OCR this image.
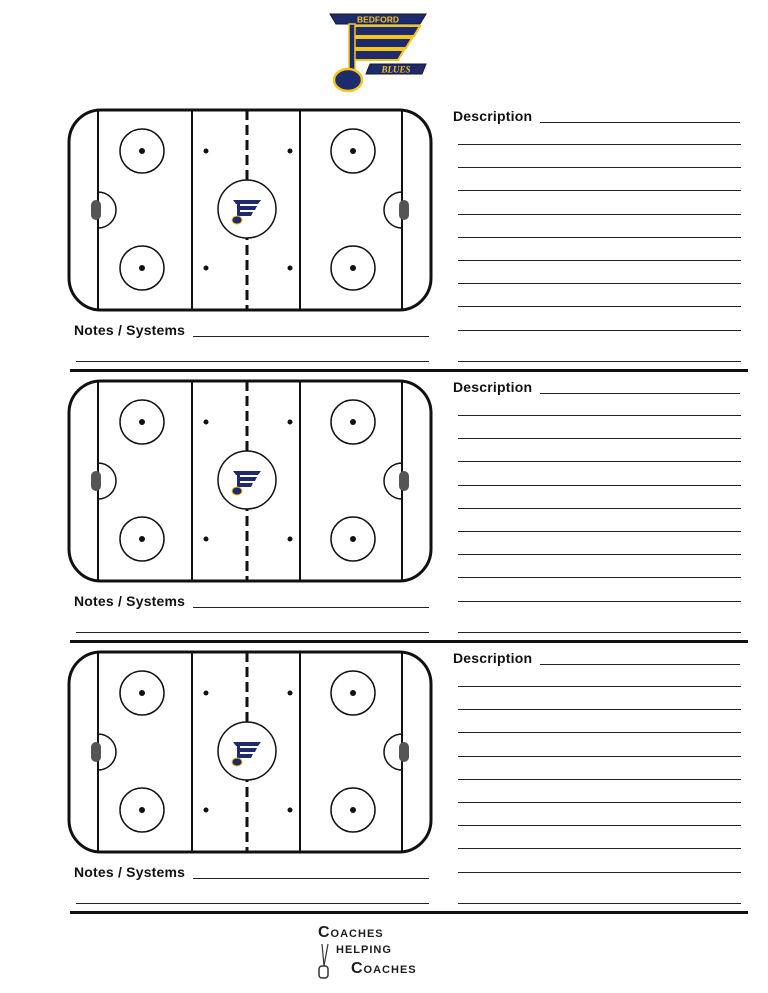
BEDFORD
BLUES
Description
Notes / Systems
Description
Notes / Systems
Description
Notes / Systems
Coaches
HELPING
Coaches
